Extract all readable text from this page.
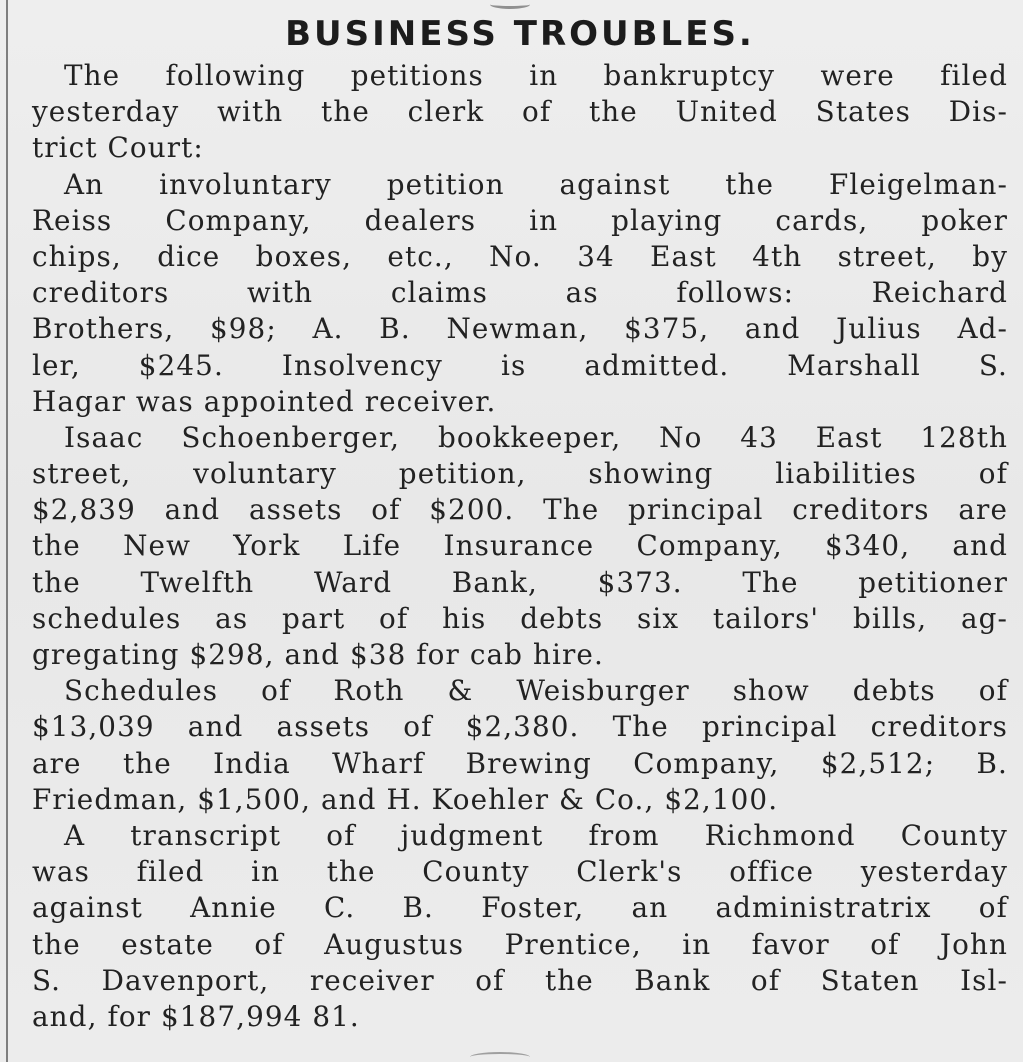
BUSINESS TROUBLES.
The following petitions in bankruptcy were filed
yesterday with the clerk of the United States Dis-
trict Court:
An involuntary petition against the Fleigelman-
Reiss Company, dealers in playing cards, poker
chips, dice boxes, etc., No. 34 East 4th street, by
creditors with claims as follows: Reichard
Brothers, $98; A. B. Newman, $375, and Julius Ad-
ler, $245. Insolvency is admitted. Marshall S.
Hagar was appointed receiver.
Isaac Schoenberger, bookkeeper, No 43 East 128th
street, voluntary petition, showing liabilities of
$2,839 and assets of $200. The principal creditors are
the New York Life Insurance Company, $340, and
the Twelfth Ward Bank, $373. The petitioner
schedules as part of his debts six tailors' bills, ag-
gregating $298, and $38 for cab hire.
Schedules of Roth & Weisburger show debts of
$13,039 and assets of $2,380. The principal creditors
are the India Wharf Brewing Company, $2,512; B.
Friedman, $1,500, and H. Koehler & Co., $2,100.
A transcript of judgment from Richmond County
was filed in the County Clerk's office yesterday
against Annie C. B. Foster, an administratrix of
the estate of Augustus Prentice, in favor of John
S. Davenport, receiver of the Bank of Staten Isl-
and, for $187,994 81.
